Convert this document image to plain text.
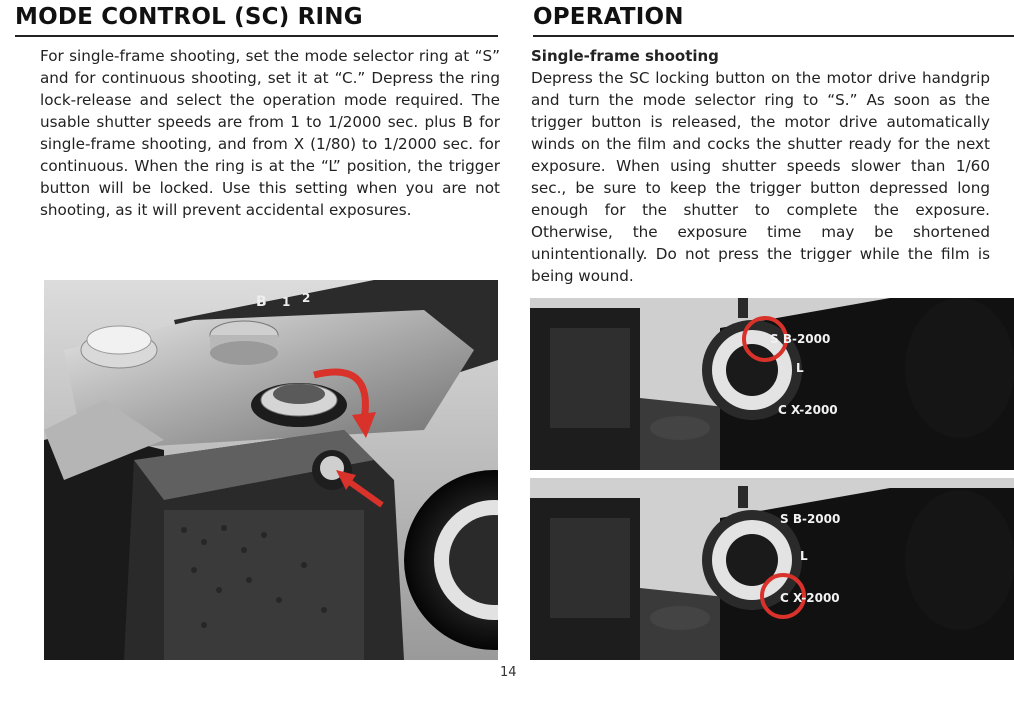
MODE CONTROL (SC) RING
For single-frame shooting, set the mode selector ring at “S” and for continuous shooting, set it at “C.” Depress the ring lock-release and select the operation mode required. The usable shutter speeds are from 1 to 1/2000 sec. plus B for single-frame shooting, and from X (1/80) to 1/2000 sec. for continuous. When the ring is at the “L” position, the trigger button will be locked. Use this setting when you are not shooting, as it will prevent accidental exposures.
OPERATION
Single-frame shooting
Depress the SC locking button on the motor drive handgrip and turn the mode selector ring to “S.” As soon as the trigger button is released, the motor drive automatically winds on the film and cocks the shutter ready for the next exposure. When using shutter speeds slower than 1/60 sec., be sure to keep the trigger button depressed long enough for the shutter to complete the exposure. Otherwise, the exposure time may be shortened unintentionally. Do not press the trigger while the film is being wound.
B 1 2
S B-2000
L
C X-2000
S B-2000
L
C X-2000
14
